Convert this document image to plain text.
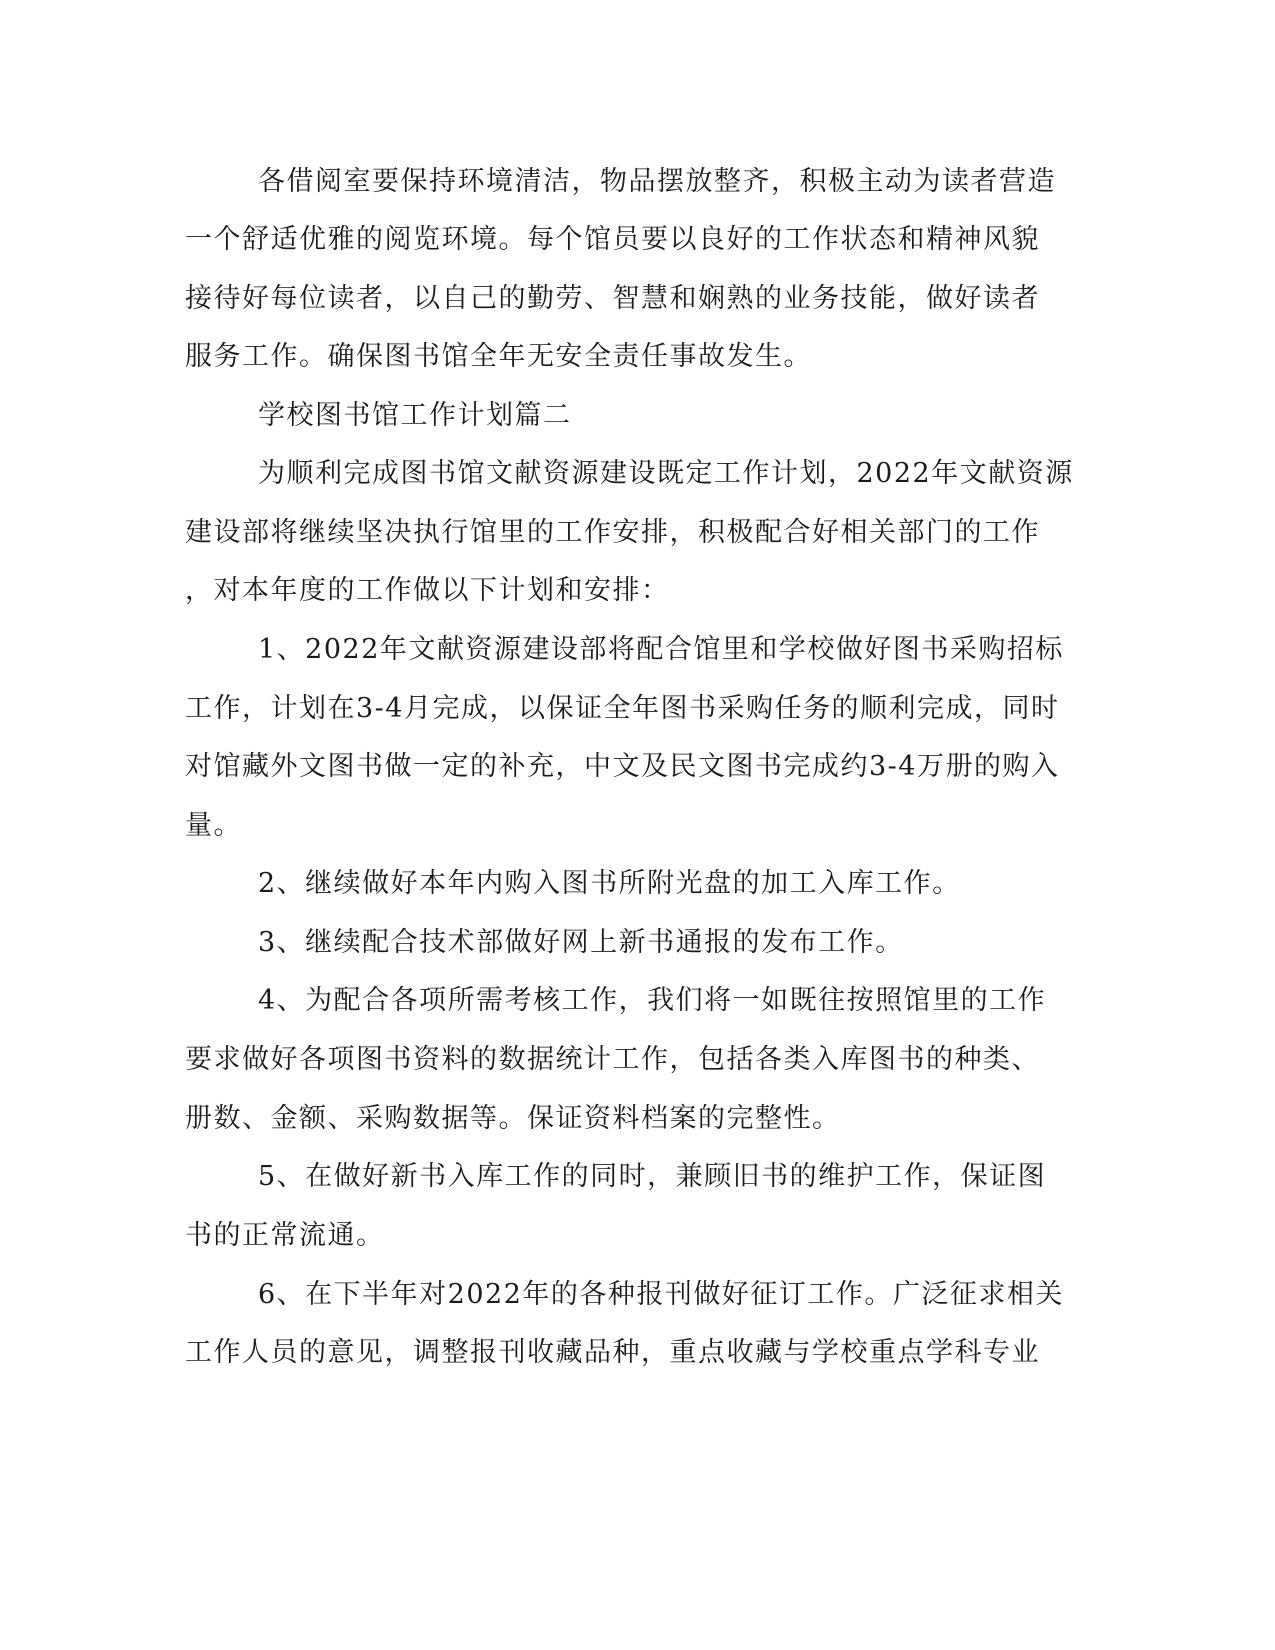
各借阅室要保持环境清洁，物品摆放整齐，积极主动为读者营造
一个舒适优雅的阅览环境。每个馆员要以良好的工作状态和精神风貌
接待好每位读者，以自己的勤劳、智慧和娴熟的业务技能，做好读者
服务工作。确保图书馆全年无安全责任事故发生。
学校图书馆工作计划篇二
为顺利完成图书馆文献资源建设既定工作计划，2022年文献资源
建设部将继续坚决执行馆里的工作安排，积极配合好相关部门的工作
，对本年度的工作做以下计划和安排：
1、2022年文献资源建设部将配合馆里和学校做好图书采购招标
工作，计划在3-4月完成，以保证全年图书采购任务的顺利完成，同时
对馆藏外文图书做一定的补充，中文及民文图书完成约3-4万册的购入
量。
2、继续做好本年内购入图书所附光盘的加工入库工作。
3、继续配合技术部做好网上新书通报的发布工作。
4、为配合各项所需考核工作，我们将一如既往按照馆里的工作
要求做好各项图书资料的数据统计工作，包括各类入库图书的种类、
册数、金额、采购数据等。保证资料档案的完整性。
5、在做好新书入库工作的同时，兼顾旧书的维护工作，保证图
书的正常流通。
6、在下半年对2022年的各种报刊做好征订工作。广泛征求相关
工作人员的意见，调整报刊收藏品种，重点收藏与学校重点学科专业
